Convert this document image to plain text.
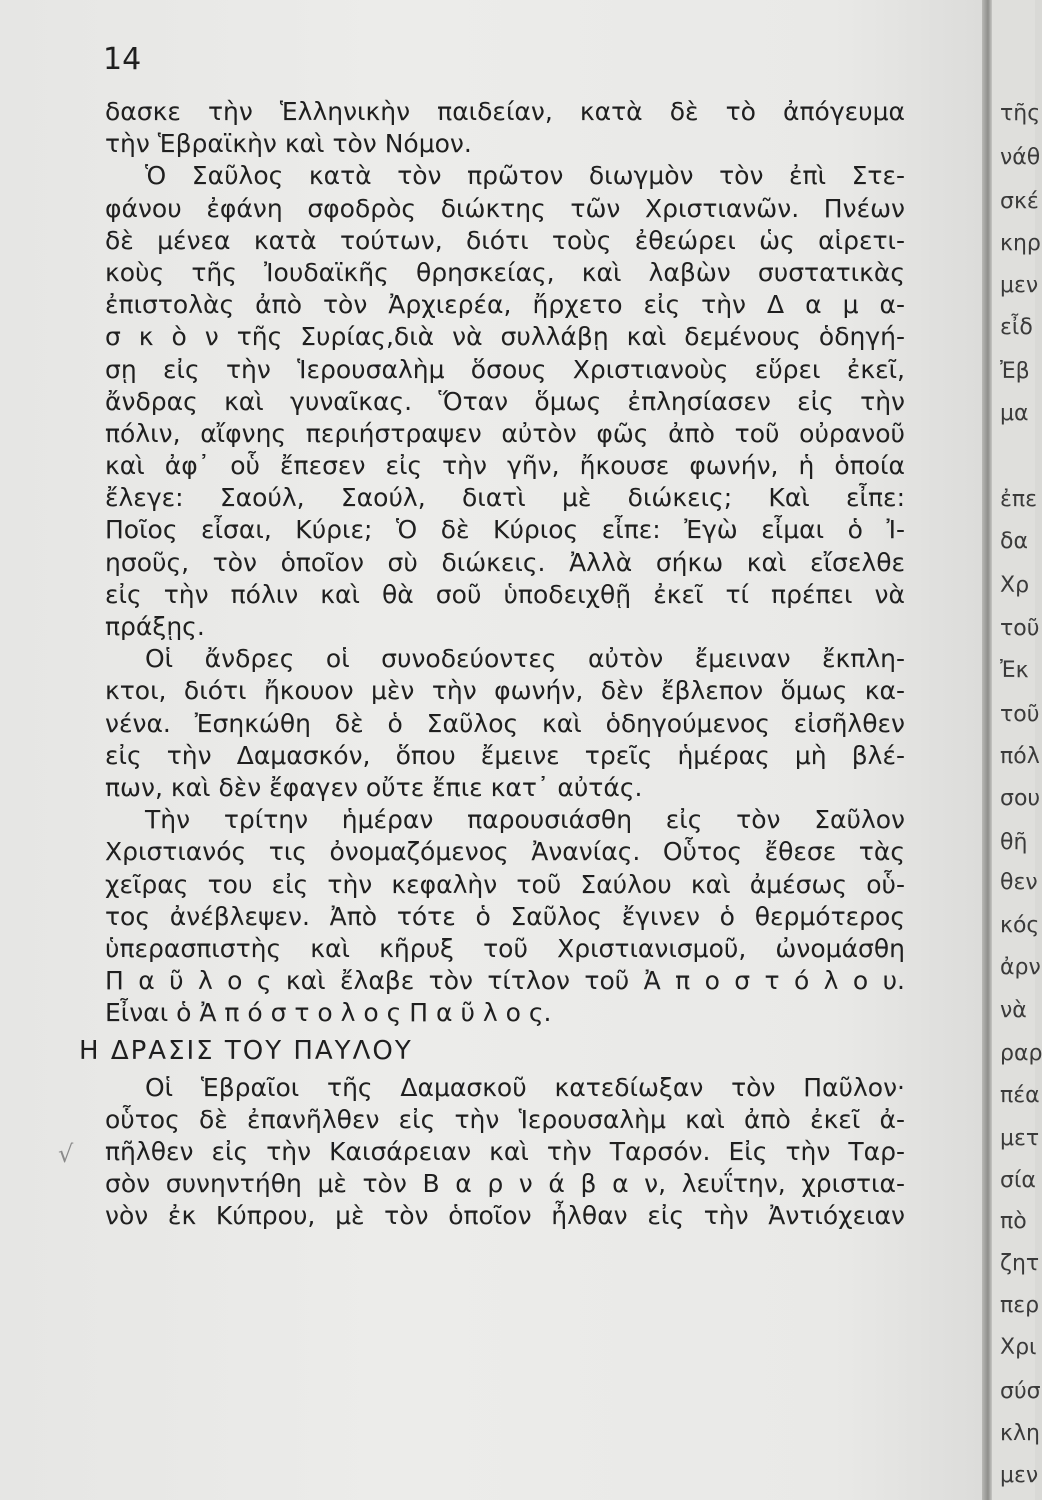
14
√
δασκε τὴν Ἑλληνικὴν παιδείαν, κατὰ δὲ τὸ ἀπόγευμα
τὴν Ἑβραϊκὴν καὶ τὸν Νόμον.
Ὁ Σαῦλος κατὰ τὸν πρῶτον διωγμὸν τὸν ἐπὶ Στε-
φάνου ἐφάνη σφοδρὸς διώκτης τῶν Χριστιανῶν. Πνέων
δὲ μένεα κατὰ τούτων, διότι τοὺς ἐθεώρει ὡς αἱρετι-
κοὺς τῆς Ἰουδαϊκῆς θρησκείας, καὶ λαβὼν συστατικὰς
ἐπιστολὰς ἀπὸ τὸν Ἀρχιερέα, ἤρχετο εἰς τὴν Δ α μ α-
σ κ ὸ ν τῆς Συρίας,διὰ νὰ συλλάβῃ καὶ δεμένους ὁδηγή-
σῃ εἰς τὴν Ἱερουσαλὴμ ὅσους Χριστιανοὺς εὕρει ἐκεῖ,
ἄνδρας καὶ γυναῖκας. Ὅταν ὅμως ἐπλησίασεν εἰς τὴν
πόλιν, αἴφνης περιήστραψεν αὐτὸν φῶς ἀπὸ τοῦ οὐρανοῦ
καὶ ἀφ᾿ οὗ ἔπεσεν εἰς τὴν γῆν, ἤκουσε φωνήν, ἡ ὁποία
ἔλεγε: Σαούλ, Σαούλ, διατὶ μὲ διώκεις; Καὶ εἶπε:
Ποῖος εἶσαι, Κύριε; Ὁ δὲ Κύριος εἶπε: Ἐγὼ εἶμαι ὁ Ἰ-
ησοῦς, τὸν ὁποῖον σὺ διώκεις. Ἀλλὰ σήκω καὶ εἴσελθε
εἰς τὴν πόλιν καὶ θὰ σοῦ ὑποδειχθῇ ἐκεῖ τί πρέπει νὰ
πράξῃς.
Οἱ ἄνδρες οἱ συνοδεύοντες αὐτὸν ἔμειναν ἔκπλη-
κτοι, διότι ἤκουον μὲν τὴν φωνήν, δὲν ἔβλεπον ὅμως κα-
νένα. Ἐσηκώθη δὲ ὁ Σαῦλος καὶ ὁδηγούμενος εἰσῆλθεν
εἰς τὴν Δαμασκόν, ὅπου ἔμεινε τρεῖς ἡμέρας μὴ βλέ-
πων, καὶ δὲν ἔφαγεν οὔτε ἔπιε κατ᾿ αὐτάς.
Τὴν τρίτην ἡμέραν παρουσιάσθη εἰς τὸν Σαῦλον
Χριστιανός τις ὀνομαζόμενος Ἀνανίας. Οὗτος ἔθεσε τὰς
χεῖρας του εἰς τὴν κεφαλὴν τοῦ Σαύλου καὶ ἀμέσως οὗ-
τος ἀνέβλεψεν. Ἀπὸ τότε ὁ Σαῦλος ἔγινεν ὁ θερμότερος
ὑπερασπιστὴς καὶ κῆρυξ τοῦ Χριστιανισμοῦ, ὠνομάσθη
Π α ῦ λ ο ς καὶ ἔλαβε τὸν τίτλον τοῦ Ἀ π ο σ τ ό λ ο υ.
Εἶναι ὁ Ἀ π ό σ τ ο λ ο ς Π α ῦ λ ο ς.
Η ΔΡΑΣΙΣ ΤΟΥ ΠΑΥΛΟΥ
Οἱ Ἑβραῖοι τῆς Δαμασκοῦ κατεδίωξαν τὸν Παῦλον·
οὗτος δὲ ἐπανῆλθεν εἰς τὴν Ἱερουσαλὴμ καὶ ἀπὸ ἐκεῖ ἀ-
πῆλθεν εἰς τὴν Καισάρειαν καὶ τὴν Ταρσόν. Εἰς τὴν Ταρ-
σὸν συνηντήθη μὲ τὸν Β α ρ ν ά β α ν, λευΐτην, χριστια-
νὸν ἐκ Κύπρου, μὲ τὸν ὁποῖον ἦλθαν εἰς τὴν Ἀντιόχειαν
τῆς
νάθ
σκέ
κηρ
μεν
εἶδ
Ἐβ
μα
ἐπε
δα
Χρ
τοῦ
Ἐκ
τοῦ
πόλ
σου
θῆ
θεν
κός
ἀρν
νὰ
ραρ
πέα
μετ
σία
πὸ
ζητ
περ
Χρι
σύσ
κλη
μεν
